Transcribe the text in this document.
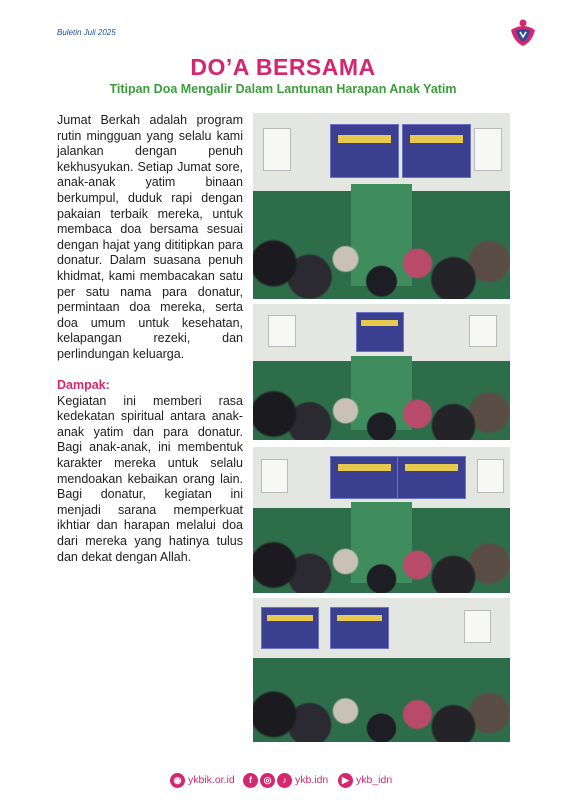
Buletin Juli 2025
DO’A BERSAMA
Titipan Doa Mengalir Dalam Lantunan Harapan Anak Yatim

Jumat Berkah adalah program rutin mingguan yang selalu kami jalankan dengan penuh kekhusyukan. Setiap Jumat sore, anak-anak yatim binaan berkumpul, duduk rapi dengan pakaian terbaik mereka, untuk membaca doa bersama sesuai dengan hajat yang dititipkan para donatur. Dalam suasana penuh khidmat, kami membacakan satu per satu nama para donatur, permintaan doa mereka, serta doa umum untuk kesehatan, kelapangan rezeki, dan perlindungan keluarga.

Dampak:

Kegiatan ini memberi rasa kedekatan spiritual antara anak-anak yatim dan para donatur. Bagi anak-anak, ini membentuk karakter mereka untuk selalu mendoakan kebaikan orang lain. Bagi donatur, kegiatan ini menjadi sarana memperkuat ikhtiar dan harapan melalui doa dari mereka yang hatinya tulus dan dekat dengan Allah.

◉ ykbik.or.id	f	◎	♪ ykb.idn	▶ ykb_idn
